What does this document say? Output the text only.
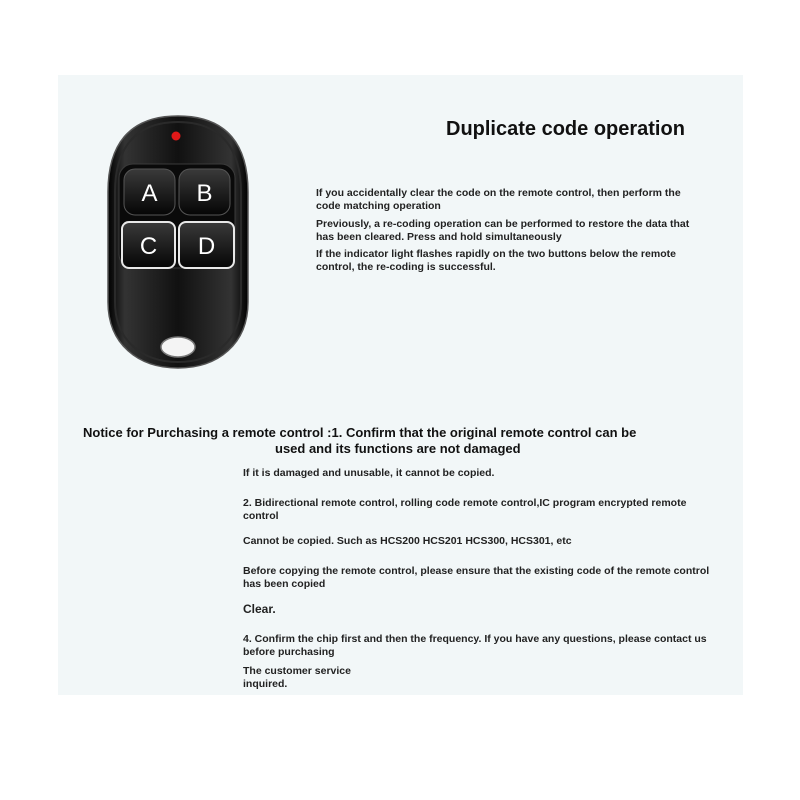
A B
C D
Duplicate code operation
If you accidentally clear the code on the remote control, then perform the code matching operation
Previously, a re-coding operation can be performed to restore the data that has been cleared. Press and hold simultaneously
If the indicator light flashes rapidly on the two buttons below the remote control, the re-coding is successful.
Notice for Purchasing a remote control :1. Confirm that the original remote control can be
used and its functions are not damaged
If it is damaged and unusable, it cannot be copied.
2. Bidirectional remote control, rolling code remote control,IC program encrypted remote control
Cannot be copied. Such as HCS200 HCS201 HCS300, HCS301, etc
Before copying the remote control, please ensure that the existing code of the remote control has been copied
Clear.
4. Confirm the chip first and then the frequency. If you have any questions, please contact us before purchasing
The customer service inquired.
